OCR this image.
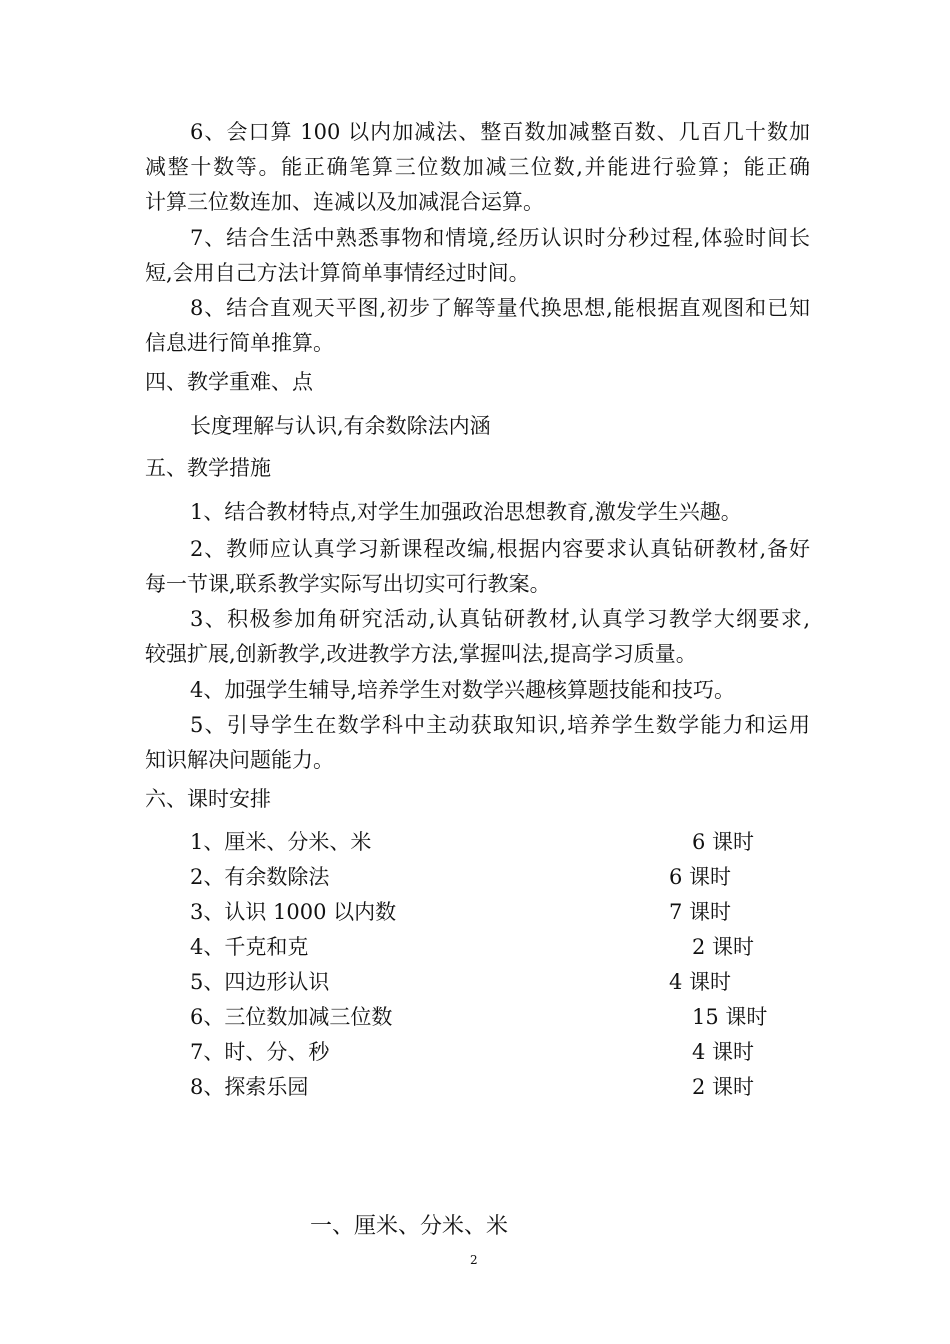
6、会口算 100 以内加减法、整百数加减整百数、几百几十数加
减整十数等。能正确笔算三位数加减三位数,并能进行验算；能正确
计算三位数连加、连减以及加减混合运算。
7、结合生活中熟悉事物和情境,经历认识时分秒过程,体验时间长
短,会用自己方法计算简单事情经过时间。
8、结合直观天平图,初步了解等量代换思想,能根据直观图和已知
信息进行简单推算。
四、教学重难、点
长度理解与认识,有余数除法内涵
五、教学措施
1、结合教材特点,对学生加强政治思想教育,激发学生兴趣。
2、教师应认真学习新课程改编,根据内容要求认真钻研教材,备好
每一节课,联系教学实际写出切实可行教案。
3、积极参加角研究活动,认真钻研教材,认真学习教学大纲要求,
较强扩展,创新教学,改进教学方法,掌握叫法,提高学习质量。
4、加强学生辅导,培养学生对数学兴趣核算题技能和技巧。
5、引导学生在数学科中主动获取知识,培养学生数学能力和运用
知识解决问题能力。
六、课时安排
1、厘米、分米、米	6 课时
2、有余数除法	6 课时
3、认识 1000 以内数	7 课时
4、千克和克	2 课时
5、四边形认识	4 课时
6、三位数加减三位数	15 课时
7、时、分、秒	4 课时
8、探索乐园	2 课时
一、厘米、分米、米
2
